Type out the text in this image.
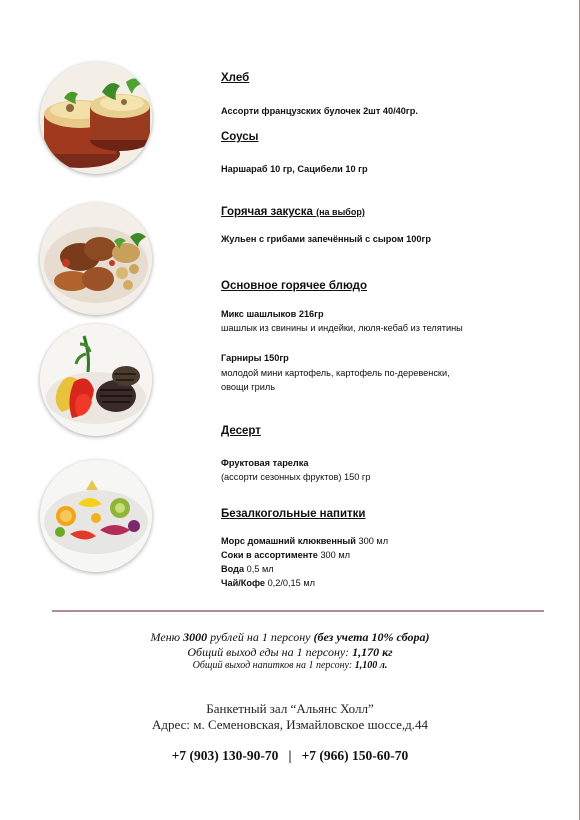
Хлеб
Ассорти французских булочек 2шт 40/40гр.
Соусы
Наршараб 10 гр, Сацибели 10 гр
Горячая закуска (на выбор)
Жульен с грибами запечённый с сыром 100гр
Основное горячее блюдо
Микс шашлыков 216гр
шашлык из свинины и индейки, люля-кебаб из телятины
Гарниры 150гр
молодой мини картофель, картофель по-деревенски,
овощи гриль
Десерт
Фруктовая тарелка
(ассорти сезонных фруктов) 150 гр
Безалкогольные напитки
Морс домашний клюквенный 300 мл
Соки в ассортименте 300 мл
Вода 0,5 мл
Чай/Кофе 0,2/0,15 мл
Меню 3000 рублей на 1 персону (без учета 10% сбора)
Общий выход еды на 1 персону: 1,170 кг
Общий выход напитков на 1 персону: 1,100 л.
Банкетный зал “Альянс Холл”
Адрес: м. Семеновская, Измайловское шоссе,д.44
+7 (903) 130-90-70   |   +7 (966) 150-60-70
